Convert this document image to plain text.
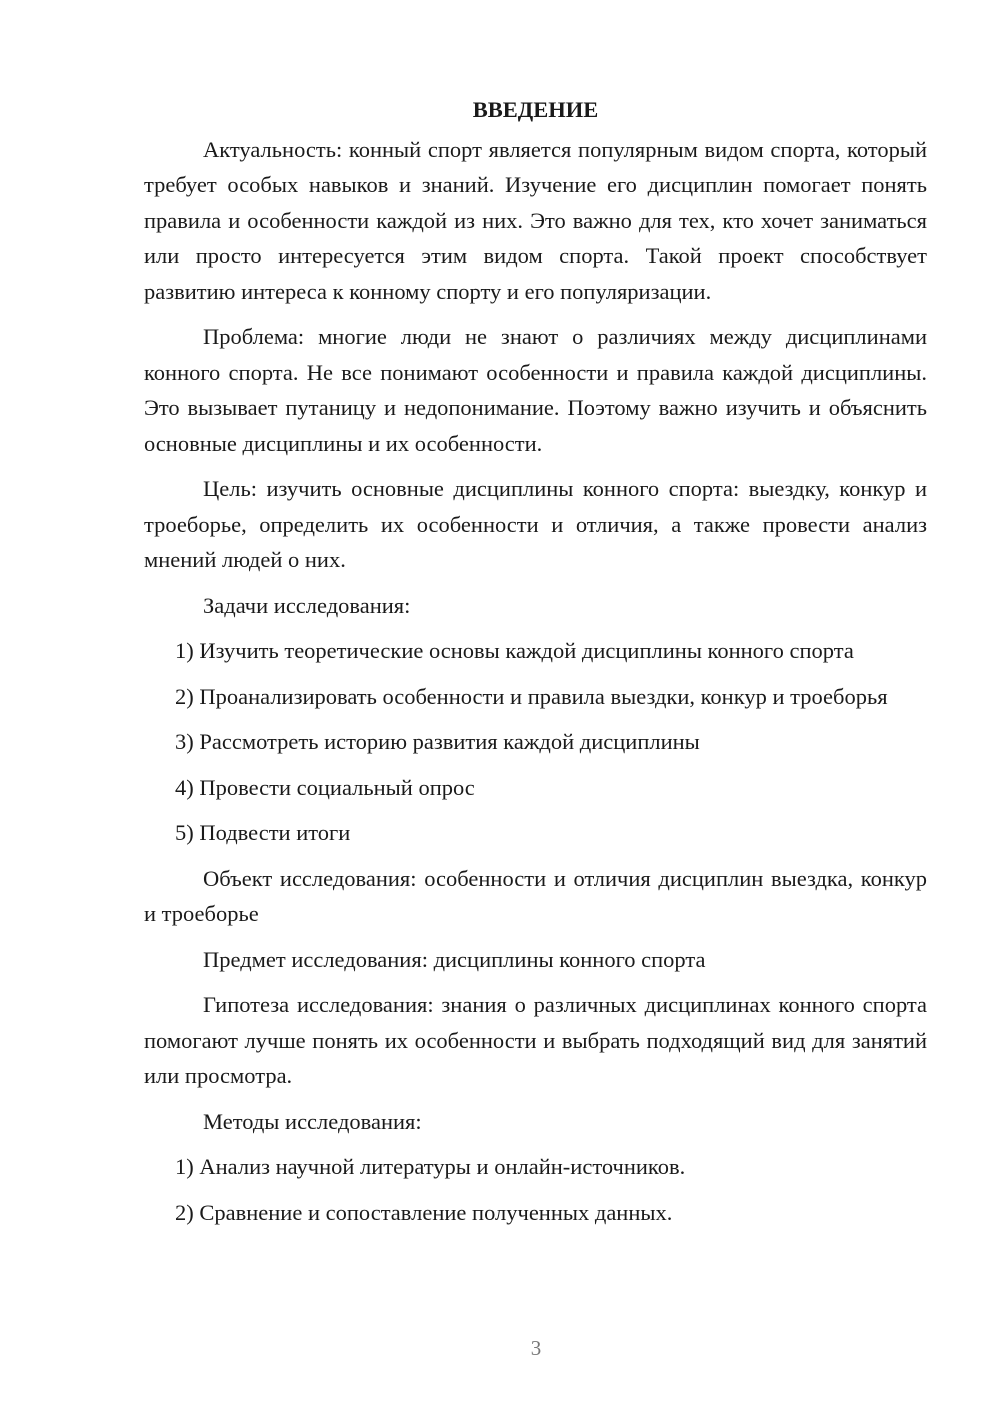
ВВЕДЕНИЕ

Актуальность: конный спорт является популярным видом спорта, который требует особых навыков и знаний. Изучение его дисциплин помогает понять правила и особенности каждой из них. Это важно для тех, кто хочет заниматься или просто интересуется этим видом спорта. Такой проект способствует развитию интереса к конному спорту и его популяризации.

Проблема: многие люди не знают о различиях между дисциплинами конного спорта. Не все понимают особенности и правила каждой дисциплины. Это вызывает путаницу и недопонимание. Поэтому важно изучить и объяснить основные дисциплины и их особенности.

Цель: изучить основные дисциплины конного спорта: выездку, конкур и троеборье, определить их особенности и отличия, а также провести анализ мнений людей о них.

Задачи исследования:

1) Изучить теоретические основы каждой дисциплины конного спорта

2) Проанализировать особенности и правила выездки, конкур и троеборья

3) Рассмотреть историю развития каждой дисциплины

4) Провести социальный опрос

5) Подвести итоги

Объект исследования: особенности и отличия дисциплин выездка, конкур и троеборье

Предмет исследования: дисциплины конного спорта

Гипотеза исследования: знания о различных дисциплинах конного спорта помогают лучше понять их особенности и выбрать подходящий вид для занятий или просмотра.

Методы исследования:

1) Анализ научной литературы и онлайн-источников.

2) Сравнение и сопоставление полученных данных.

3
